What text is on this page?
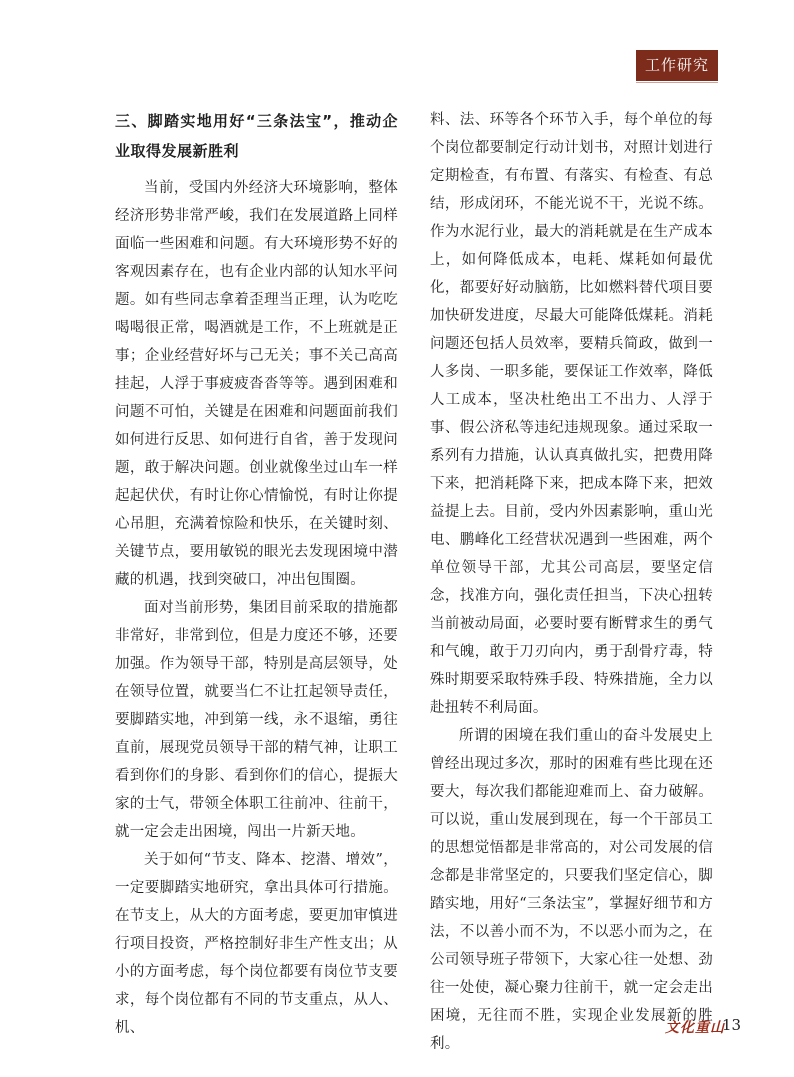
工作研究

三、脚踏实地用好“三条法宝”，推动企业取得发展新胜利

当前，受国内外经济大环境影响，整体经济形势非常严峻，我们在发展道路上同样面临一些困难和问题。有大环境形势不好的客观因素存在，也有企业内部的认知水平问题。如有些同志拿着歪理当正理，认为吃吃喝喝很正常，喝酒就是工作，不上班就是正事；企业经营好坏与己无关；事不关己高高挂起，人浮于事疲疲沓沓等等。遇到困难和问题不可怕，关键是在困难和问题面前我们如何进行反思、如何进行自省，善于发现问题，敢于解决问题。创业就像坐过山车一样起起伏伏，有时让你心情愉悦，有时让你提心吊胆，充满着惊险和快乐，在关键时刻、关键节点，要用敏锐的眼光去发现困境中潜藏的机遇，找到突破口，冲出包围圈。

面对当前形势，集团目前采取的措施都非常好，非常到位，但是力度还不够，还要加强。作为领导干部，特别是高层领导，处在领导位置，就要当仁不让扛起领导责任，要脚踏实地，冲到第一线，永不退缩，勇往直前，展现党员领导干部的精气神，让职工看到你们的身影、看到你们的信心，提振大家的士气，带领全体职工往前冲、往前干，就一定会走出困境，闯出一片新天地。

关于如何“节支、降本、挖潜、增效”，一定要脚踏实地研究，拿出具体可行措施。在节支上，从大的方面考虑，要更加审慎进行项目投资，严格控制好非生产性支出；从小的方面考虑，每个岗位都要有岗位节支要求，每个岗位都有不同的节支重点，从人、机、

料、法、环等各个环节入手，每个单位的每个岗位都要制定行动计划书，对照计划进行定期检查，有布置、有落实、有检查、有总结，形成闭环，不能光说不干，光说不练。作为水泥行业，最大的消耗就是在生产成本上，如何降低成本，电耗、煤耗如何最优化，都要好好动脑筋，比如燃料替代项目要加快研发进度，尽最大可能降低煤耗。消耗问题还包括人员效率，要精兵简政，做到一人多岗、一职多能，要保证工作效率，降低人工成本，坚决杜绝出工不出力、人浮于事、假公济私等违纪违规现象。通过采取一系列有力措施，认认真真做扎实，把费用降下来，把消耗降下来，把成本降下来，把效益提上去。目前，受内外因素影响，重山光电、鹏峰化工经营状况遇到一些困难，两个单位领导干部，尤其公司高层，要坚定信念，找准方向，强化责任担当，下决心扭转当前被动局面，必要时要有断臂求生的勇气和气魄，敢于刀刃向内，勇于刮骨疗毒，特殊时期要采取特殊手段、特殊措施，全力以赴扭转不利局面。

所谓的困境在我们重山的奋斗发展史上曾经出现过多次，那时的困难有些比现在还要大，每次我们都能迎难而上、奋力破解。可以说，重山发展到现在，每一个干部员工的思想觉悟都是非常高的，对公司发展的信念都是非常坚定的，只要我们坚定信心，脚踏实地，用好“三条法宝”，掌握好细节和方法，不以善小而不为，不以恶小而为之，在公司领导班子带领下，大家心往一处想、劲往一处使，凝心聚力往前干，就一定会走出困境，无往而不胜，实现企业发展新的胜利。

文化重山
13
